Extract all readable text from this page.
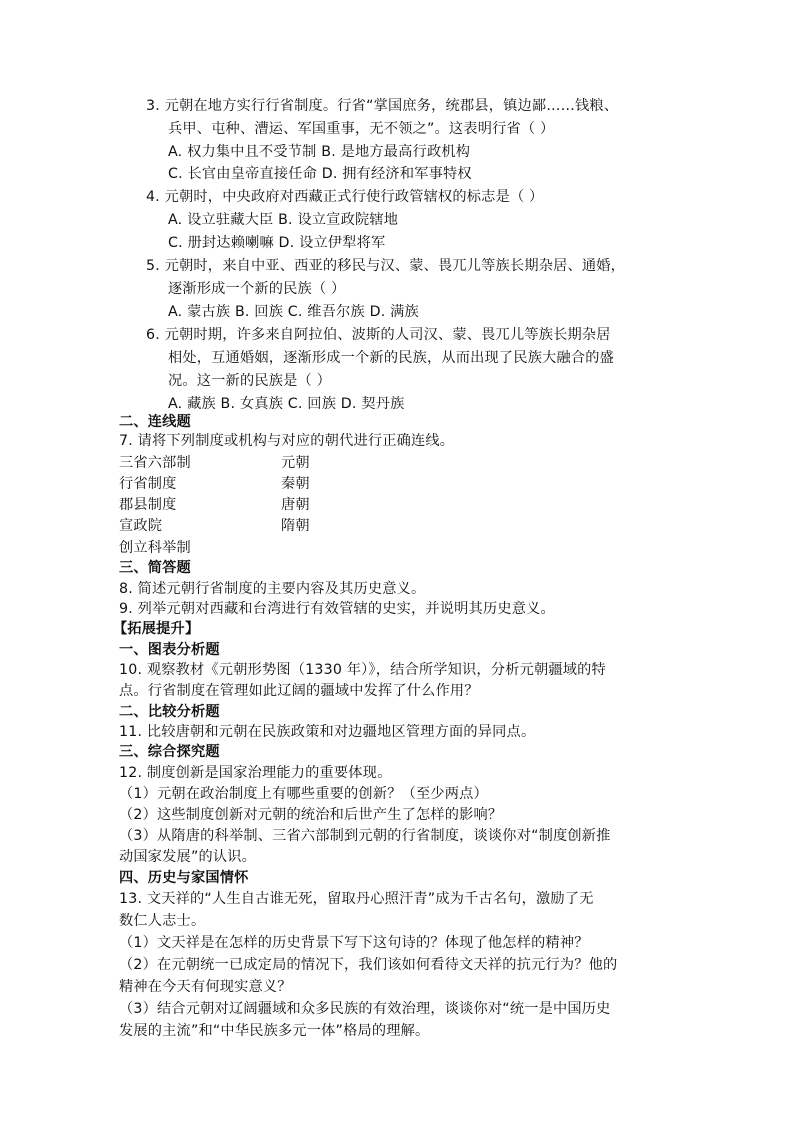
3. 元朝在地方实行行省制度。行省“掌国庶务，统郡县，镇边鄙……钱粮、
兵甲、屯种、漕运、军国重事，无不领之”。这表明行省（ ）
A. 权力集中且不受节制 B. 是地方最高行政机构
C. 长官由皇帝直接任命 D. 拥有经济和军事特权
4. 元朝时，中央政府对西藏正式行使行政管辖权的标志是（ ）
A. 设立驻藏大臣 B. 设立宣政院辖地
C. 册封达赖喇嘛 D. 设立伊犁将军
5. 元朝时，来自中亚、西亚的移民与汉、蒙、畏兀儿等族长期杂居、通婚，
逐渐形成一个新的民族（ ）
A. 蒙古族 B. 回族 C. 维吾尔族 D. 满族
6. 元朝时期，许多来自阿拉伯、波斯的人司汉、蒙、畏兀儿等族长期杂居
相处，互通婚姻，逐渐形成一个新的民族，从而出现了民族大融合的盛
况。这一新的民族是（ ）
A. 藏族 B. 女真族 C. 回族 D. 契丹族
二、连线题
7. 请将下列制度或机构与对应的朝代进行正确连线。
三省六部制
行省制度
郡县制度
宣政院
创立科举制
元朝
秦朝
唐朝
隋朝
三、简答题
8. 简述元朝行省制度的主要内容及其历史意义。
9. 列举元朝对西藏和台湾进行有效管辖的史实，并说明其历史意义。
【拓展提升】
一、图表分析题
10. 观察教材《元朝形势图（1330 年）》，结合所学知识，分析元朝疆域的特
点。行省制度在管理如此辽阔的疆域中发挥了什么作用？
二、比较分析题
11. 比较唐朝和元朝在民族政策和对边疆地区管理方面的异同点。
三、综合探究题
12. 制度创新是国家治理能力的重要体现。
（1）元朝在政治制度上有哪些重要的创新？（至少两点）
（2）这些制度创新对元朝的统治和后世产生了怎样的影响？
（3）从隋唐的科举制、三省六部制到元朝的行省制度，谈谈你对“制度创新推
动国家发展”的认识。
四、历史与家国情怀
13. 文天祥的“人生自古谁无死，留取丹心照汗青”成为千古名句，激励了无
数仁人志士。
（1）文天祥是在怎样的历史背景下写下这句诗的？体现了他怎样的精神？
（2）在元朝统一已成定局的情况下，我们该如何看待文天祥的抗元行为？他的
精神在今天有何现实意义？
（3）结合元朝对辽阔疆域和众多民族的有效治理，谈谈你对“统一是中国历史
发展的主流”和“中华民族多元一体”格局的理解。
